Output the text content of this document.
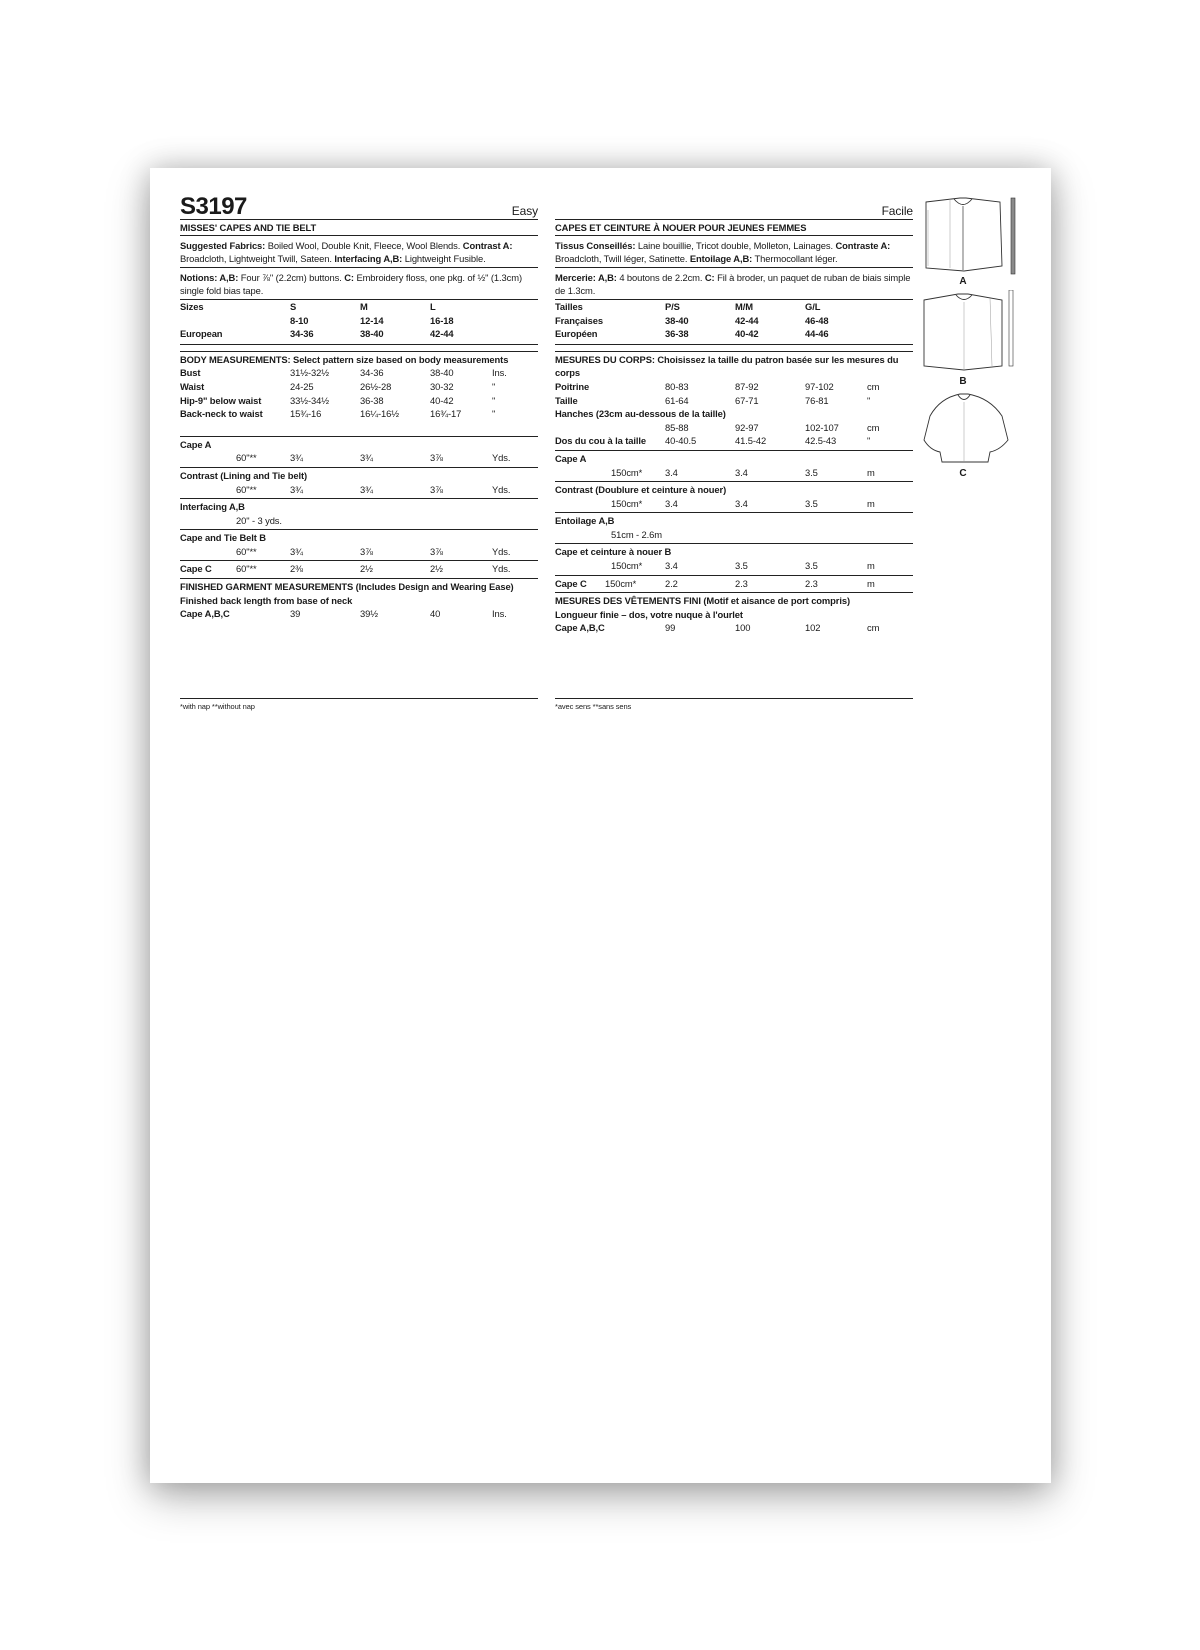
S3197	Easy
MISSES' CAPES AND TIE BELT
Suggested Fabrics: Boiled Wool, Double Knit, Fleece, Wool Blends. Contrast A: Broadcloth, Lightweight Twill, Sateen. Interfacing A,B: Lightweight Fusible.
Notions: A,B: Four ⅞" (2.2cm) buttons. C: Embroidery floss, one pkg. of ½" (1.3cm) single fold bias tape.
Sizes	S	M	L
8-10	12-14	16-18
European	34-36	38-40	42-44
BODY MEASUREMENTS: Select pattern size based on body measurements
Bust	31½-32½	34-36	38-40	Ins.
Waist	24-25	26½-28	30-32	"
Hip-9" below waist	33½-34½	36-38	40-42	"
Back-neck to waist	15¾-16	16¼-16½	16¾-17	"
Cape A
60"**	3¾	3¾	3⅞	Yds.
Contrast (Lining and Tie belt)
60"**	3¾	3¾	3⅞	Yds.
Interfacing A,B
20" - 3 yds.
Cape and Tie Belt B
60"**	3¾	3⅞	3⅞	Yds.
Cape C	60"**	2⅜	2½	2½	Yds.
FINISHED GARMENT MEASUREMENTS (Includes Design and Wearing Ease)
Finished back length from base of neck
Cape A,B,C	39	39½	40	Ins.
*with nap **without nap
Facile
CAPES ET CEINTURE À NOUER POUR JEUNES FEMMES
Tissus Conseillés: Laine bouillie, Tricot double, Molleton, Lainages. Contraste A: Broadcloth, Twill léger, Satinette. Entoilage A,B: Thermocollant léger.
Mercerie: A,B: 4 boutons de 2.2cm. C: Fil à broder, un paquet de ruban de biais simple de 1.3cm.
Tailles	P/S	M/M	G/L
Françaises	38-40	42-44	46-48
Européen	36-38	40-42	44-46
MESURES DU CORPS: Choisissez la taille du patron basée sur les mesures du corps
Poitrine	80-83	87-92	97-102	cm
Taille	61-64	67-71	76-81	"
Hanches (23cm au-dessous de la taille)
85-88	92-97	102-107	cm
Dos du cou à la taille	40-40.5	41.5-42	42.5-43	"
Cape A
150cm*	3.4	3.4	3.5	m
Contrast (Doublure et ceinture à nouer)
150cm*	3.4	3.4	3.5	m
Entoilage A,B
51cm - 2.6m
Cape et ceinture à nouer B
150cm*	3.4	3.5	3.5	m
Cape C	150cm*	2.2	2.3	2.3	m
MESURES DES VÊTEMENTS FINI (Motif et aisance de port compris)
Longueur finie – dos, votre nuque à l'ourlet
Cape A,B,C	99	100	102	cm
*avec sens **sans sens
A
B
C
